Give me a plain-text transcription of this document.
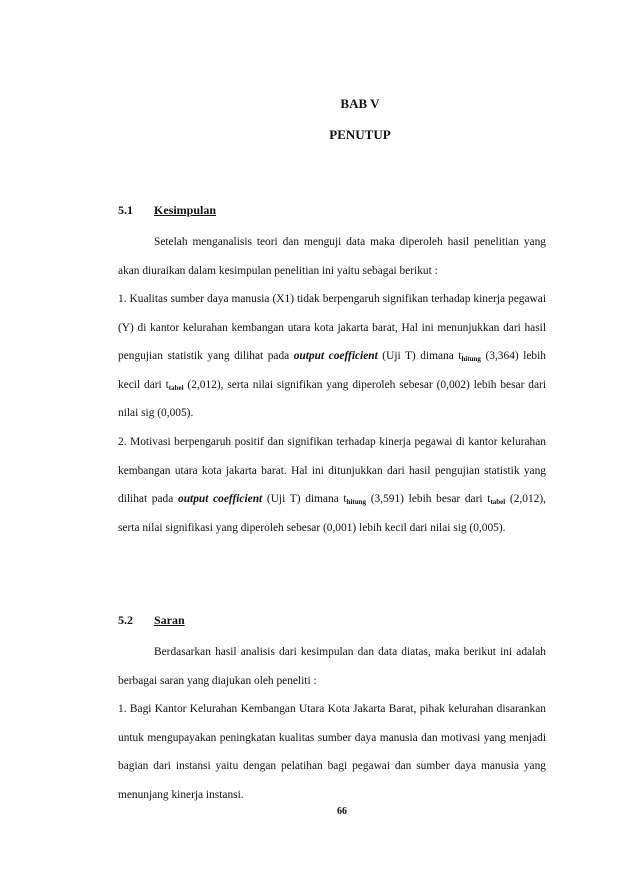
BAB V
PENUTUP
5.1 Kesimpulan
Setelah menganalisis teori dan menguji data maka diperoleh hasil penelitian yang akan diuraikan dalam kesimpulan penelitian ini yaitu sebagai berikut :
1. Kualitas sumber daya manusia (X1) tidak berpengaruh signifikan terhadap kinerja pegawai (Y) di kantor kelurahan kembangan utara kota jakarta barat, Hal ini menunjukkan dari hasil pengujian statistik yang dilihat pada output coefficient (Uji T) dimana $t_{hitung}$ (3,364) lebih kecil dari $t_{tabel}$ (2,012), serta nilai signifikan yang diperoleh sebesar (0,002) lebih besar dari nilai sig (0,005).
2. Motivasi berpengaruh positif dan signifikan terhadap kinerja pegawai di kantor kelurahan kembangan utara kota jakarta barat. Hal ini ditunjukkan dari hasil pengujian statistik yang dilihat pada output coefficient (Uji T) dimana $t_{hitung}$ (3,591) lebih besar dari $t_{tabel}$ (2,012), serta nilai signifikasi yang diperoleh sebesar (0,001) lebih kecil dari nilai sig (0,005).
5.2 Saran
Berdasarkan hasil analisis dari kesimpulan dan data diatas, maka berikut ini adalah berbagai saran yang diajukan oleh peneliti :
1. Bagi Kantor Kelurahan Kembangan Utara Kota Jakarta Barat, pihak kelurahan disarankan untuk mengupayakan peningkatan kualitas sumber daya manusia dan motivasi yang menjadi bagian dari instansi yaitu dengan pelatihan bagi pegawai dan sumber daya manusia yang menunjang kinerja instansi.
66
